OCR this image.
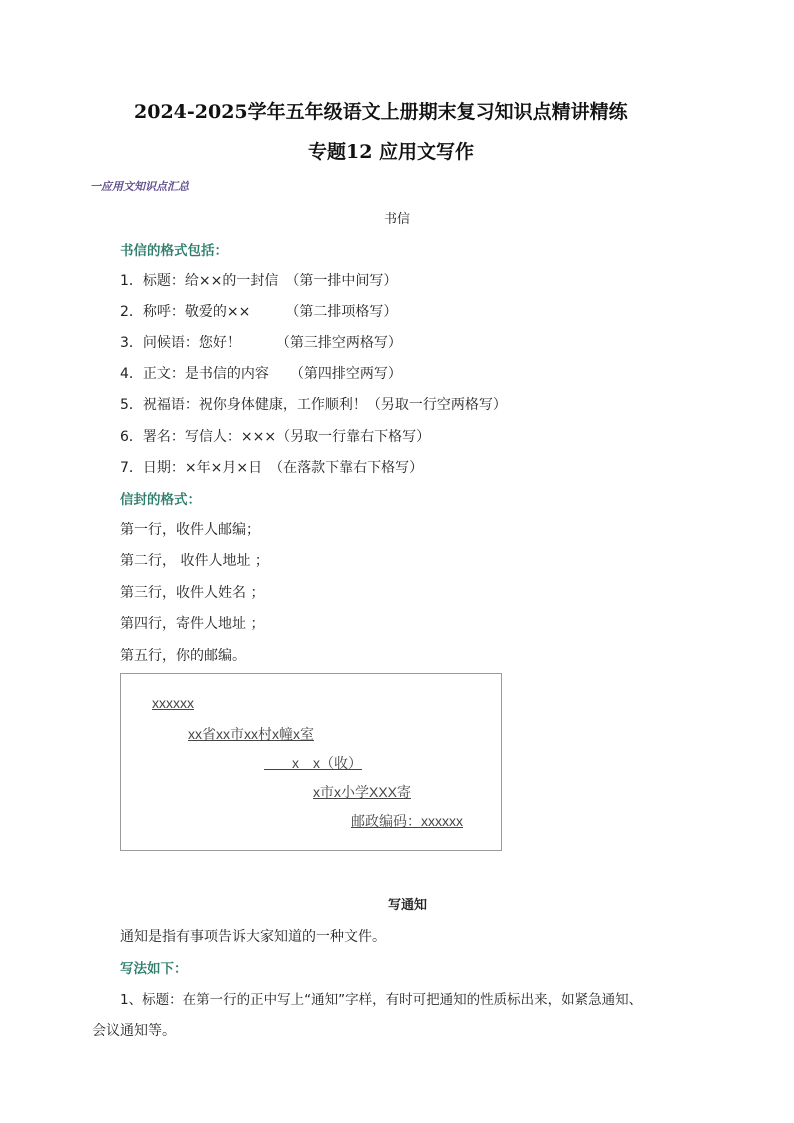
2024-2025学年五年级语文上册期末复习知识点精讲精练
专题12 应用文写作
一应用文知识点汇总
书信
书信的格式包括：
1．标题：给××的一封信　（第一排中间写）
2．称呼：敬爱的××　　　（第二排项格写）
3．问候语：您好！　　　（第三排空两格写）
4．正文：是书信的内容　　（第四排空两写）
5．祝福语：祝你身体健康，工作顺利！（另取一行空两格写）
6．署名：写信人：×××（另取一行靠右下格写）
7．日期：×年×月×日　（在落款下靠右下格写）
信封的格式：
第一行，收件人邮编；
第二行， 收件人地址 ；
第三行，收件人姓名 ；
第四行，寄件人地址 ；
第五行，你的邮编。
xxxxxx
xx省xx市xx村x幢x室
　　x　x（收）
x市x小学XXX寄
邮政编码：xxxxxx
写通知
通知是指有事项告诉大家知道的一种文件。
写法如下：
1、标题：在第一行的正中写上“通知”字样，有时可把通知的性质标出来，如紧急通知、
会议通知等。
